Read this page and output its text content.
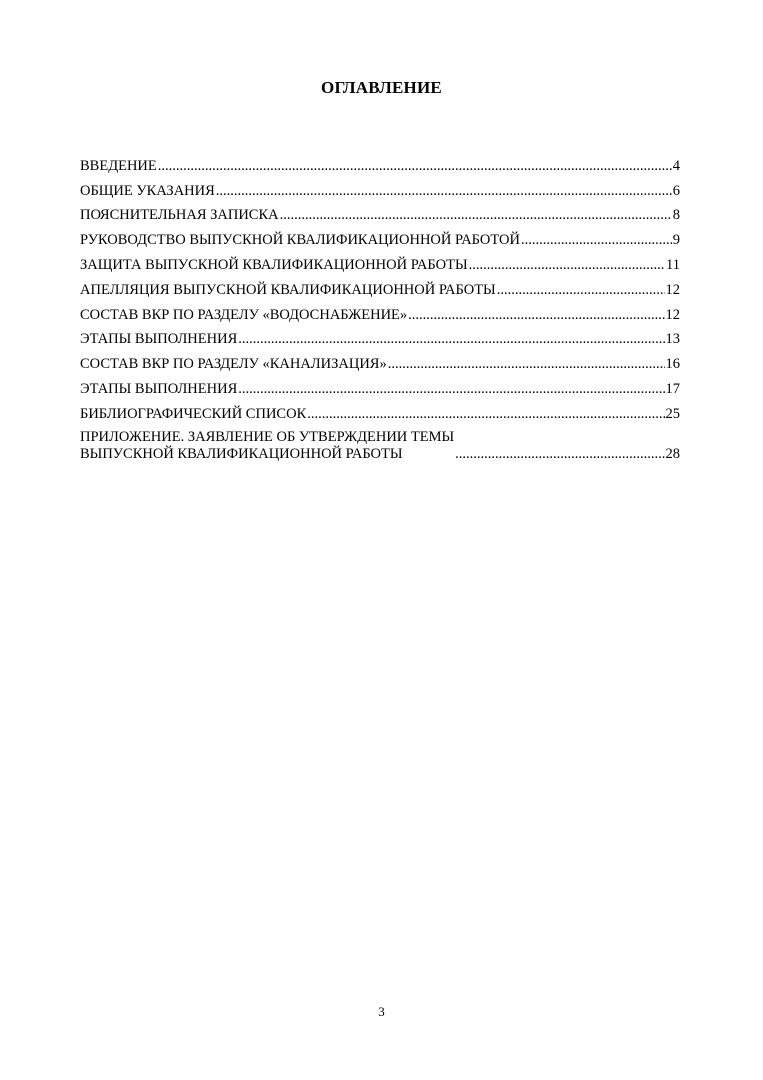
ОГЛАВЛЕНИЕ
ВВЕДЕНИЕ .....	4
ОБЩИЕ УКАЗАНИЯ .....	6
ПОЯСНИТЕЛЬНАЯ ЗАПИСКА .....	8
РУКОВОДСТВО ВЫПУСКНОЙ КВАЛИФИКАЦИОННОЙ РАБОТОЙ .....	9
ЗАЩИТА ВЫПУСКНОЙ КВАЛИФИКАЦИОННОЙ РАБОТЫ .....	11
АПЕЛЛЯЦИЯ ВЫПУСКНОЙ КВАЛИФИКАЦИОННОЙ РАБОТЫ .....	12
СОСТАВ ВКР ПО РАЗДЕЛУ «ВОДОСНАБЖЕНИЕ» .....	12
ЭТАПЫ ВЫПОЛНЕНИЯ .....	13
СОСТАВ ВКР ПО РАЗДЕЛУ «КАНАЛИЗАЦИЯ» .....	16
ЭТАПЫ ВЫПОЛНЕНИЯ .....	17
БИБЛИОГРАФИЧЕСКИЙ СПИСОК .....	25
ПРИЛОЖЕНИЕ. ЗАЯВЛЕНИЕ ОБ УТВЕРЖДЕНИИ ТЕМЫ
ВЫПУСКНОЙ КВАЛИФИКАЦИОННОЙ РАБОТЫ .....	28
3
